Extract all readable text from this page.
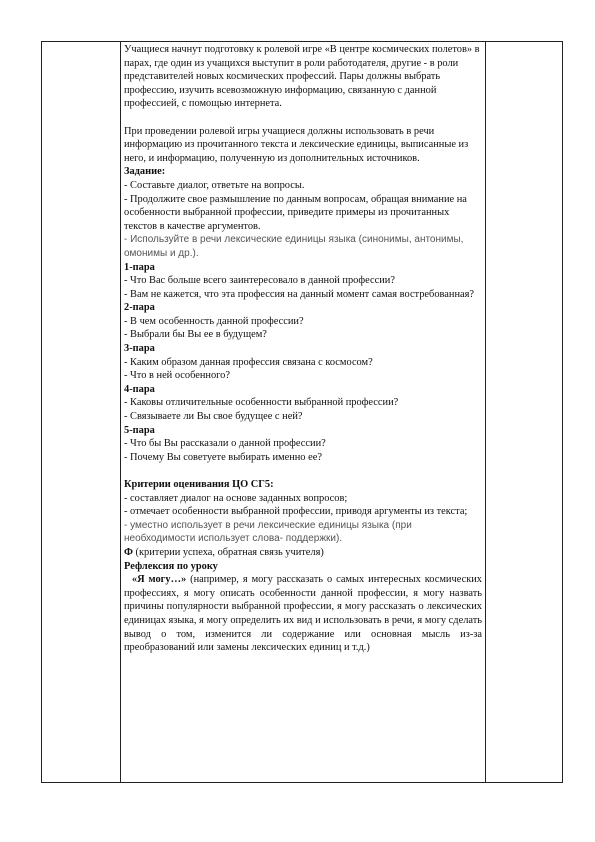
Учащиеся начнут подготовку к ролевой игре «В центре космических полетов» в парах, где один из учащихся выступит в роли работодателя, другие - в роли представителей новых космических профессий. Пары должны выбрать профессию, изучить всевозможную информацию, связанную с данной профессией, с помощью интернета.

При проведении ролевой игры учащиеся должны использовать в речи информацию из прочитанного текста и лексические единицы, выписанные из него, и информацию, полученную из дополнительных источников.

Задание:

- Составьте диалог, ответьте на вопросы.

- Продолжите свое размышление по данным вопросам, обращая внимание на особенности выбранной профессии, приведите примеры из прочитанных текстов в качестве аргументов.

- Используйте в речи лексические единицы языка (синонимы, антонимы, омонимы и др.).

1-пара

- Что Вас больше всего заинтересовало в данной профессии?

- Вам не кажется, что эта профессия на данный момент самая востребованная?

2-пара

- В чем особенность данной профессии?

- Выбрали бы Вы ее в будущем?

3-пара

- Каким образом данная профессия связана с космосом?

- Что в ней особенного?

4-пара

- Каковы отличительные особенности выбранной профессии?

- Связываете ли Вы свое будущее с ней?

5-пара

- Что бы Вы рассказали о данной профессии?

- Почему Вы советуете выбирать именно ее?

Критерии оценивания ЦО СГ5:

- составляет диалог на основе заданных вопросов;

- отмечает особенности выбранной профессии, приводя аргументы из текста;

- уместно использует в речи лексические единицы языка (при необходимости использует слова- поддержки).

Ф (критерии успеха, обратная связь учителя)

Рефлексия по уроку

«Я могу…» (например, я могу рассказать о самых интересных космических профессиях, я могу описать особенности данной профессии, я могу назвать причины популярности выбранной профессии, я могу рассказать о лексических единицах языка, я могу определить их вид и использовать в речи, я могу сделать вывод о том, изменится ли содержание или основная мысль из-за преобразований или замены лексических единиц и т.д.)
